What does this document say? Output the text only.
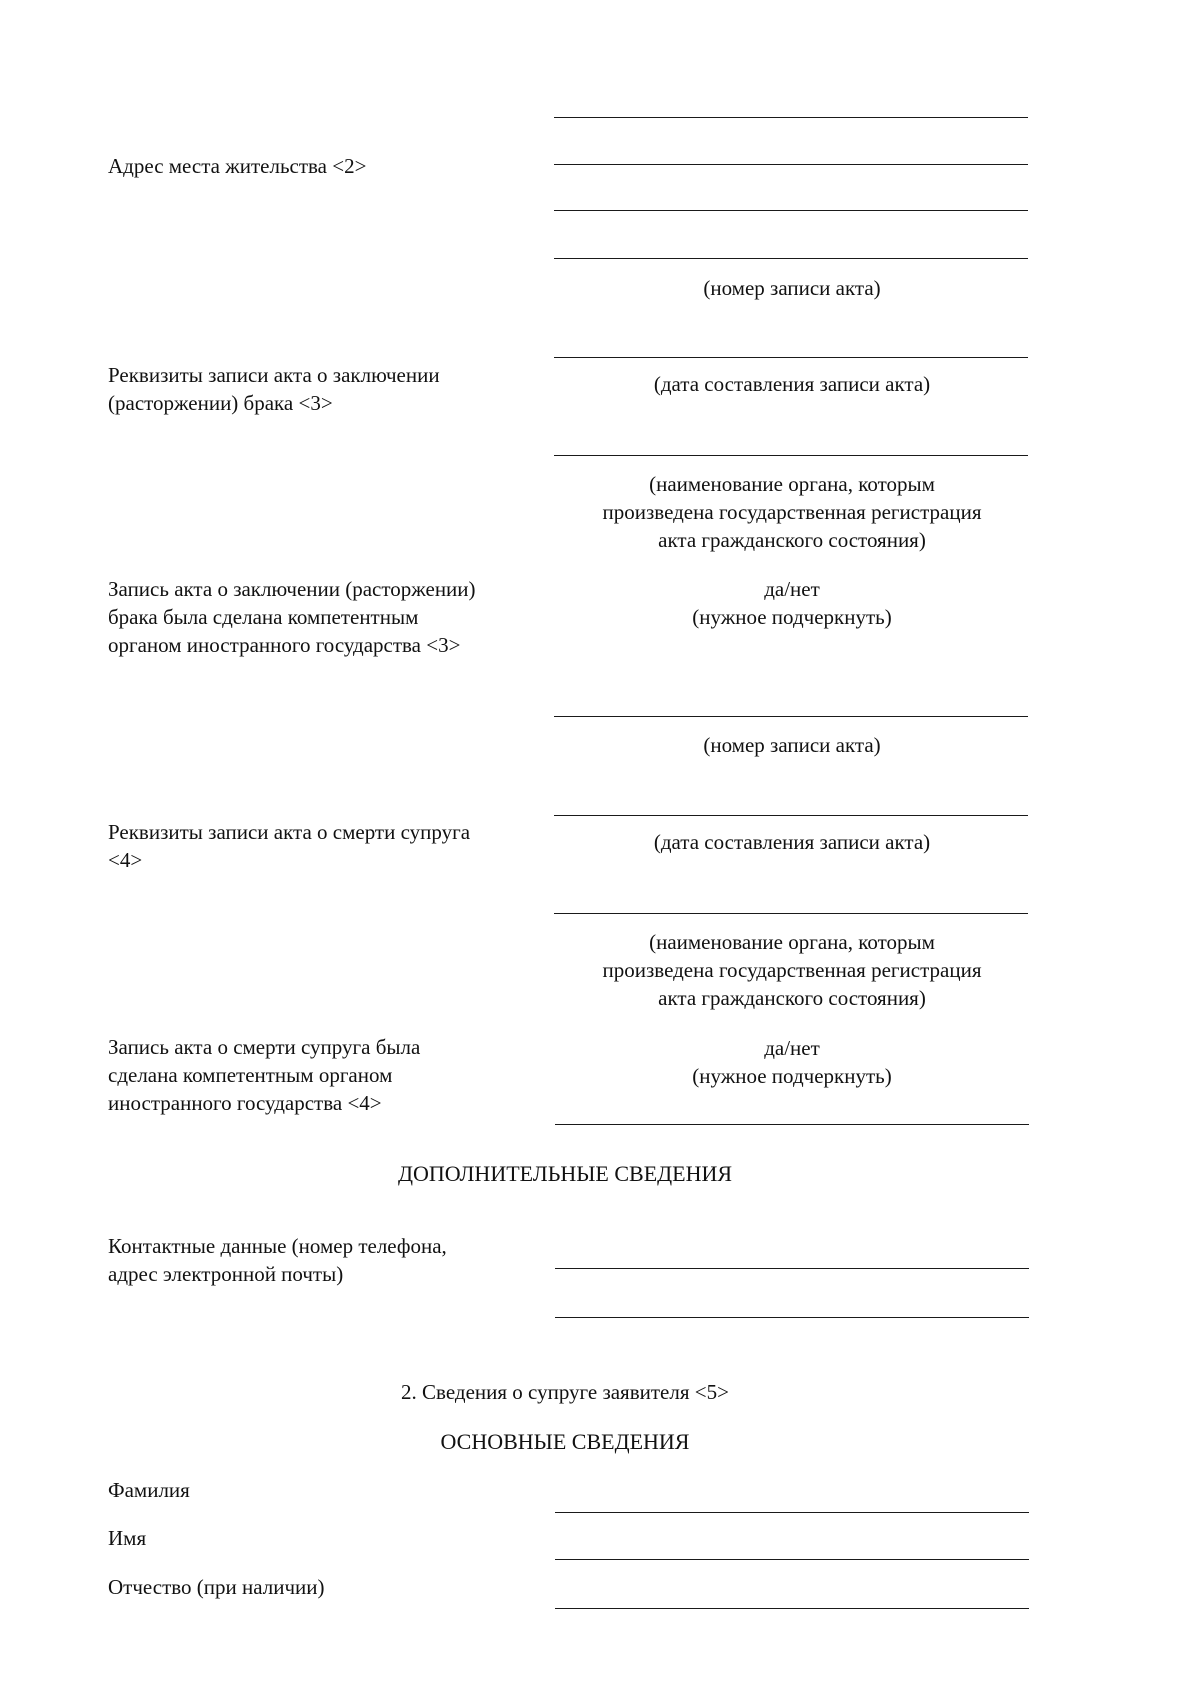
Адрес места жительства <2>
(номер записи акта)
Реквизиты записи акта о заключении
(расторжении) брака <3>
(дата составления записи акта)
(наименование органа, которым
произведена государственная регистрация
акта гражданского состояния)
Запись акта о заключении (расторжении)
брака была сделана компетентным
органом иностранного государства <3>
да/нет
(нужное подчеркнуть)
(номер записи акта)
Реквизиты записи акта о смерти супруга
<4>
(дата составления записи акта)
(наименование органа, которым
произведена государственная регистрация
акта гражданского состояния)
Запись акта о смерти супруга была
сделана компетентным органом
иностранного государства <4>
да/нет
(нужное подчеркнуть)
ДОПОЛНИТЕЛЬНЫЕ СВЕДЕНИЯ
Контактные данные (номер телефона,
адрес электронной почты)
2. Сведения о супруге заявителя <5>
ОСНОВНЫЕ СВЕДЕНИЯ
Фамилия
Имя
Отчество (при наличии)
